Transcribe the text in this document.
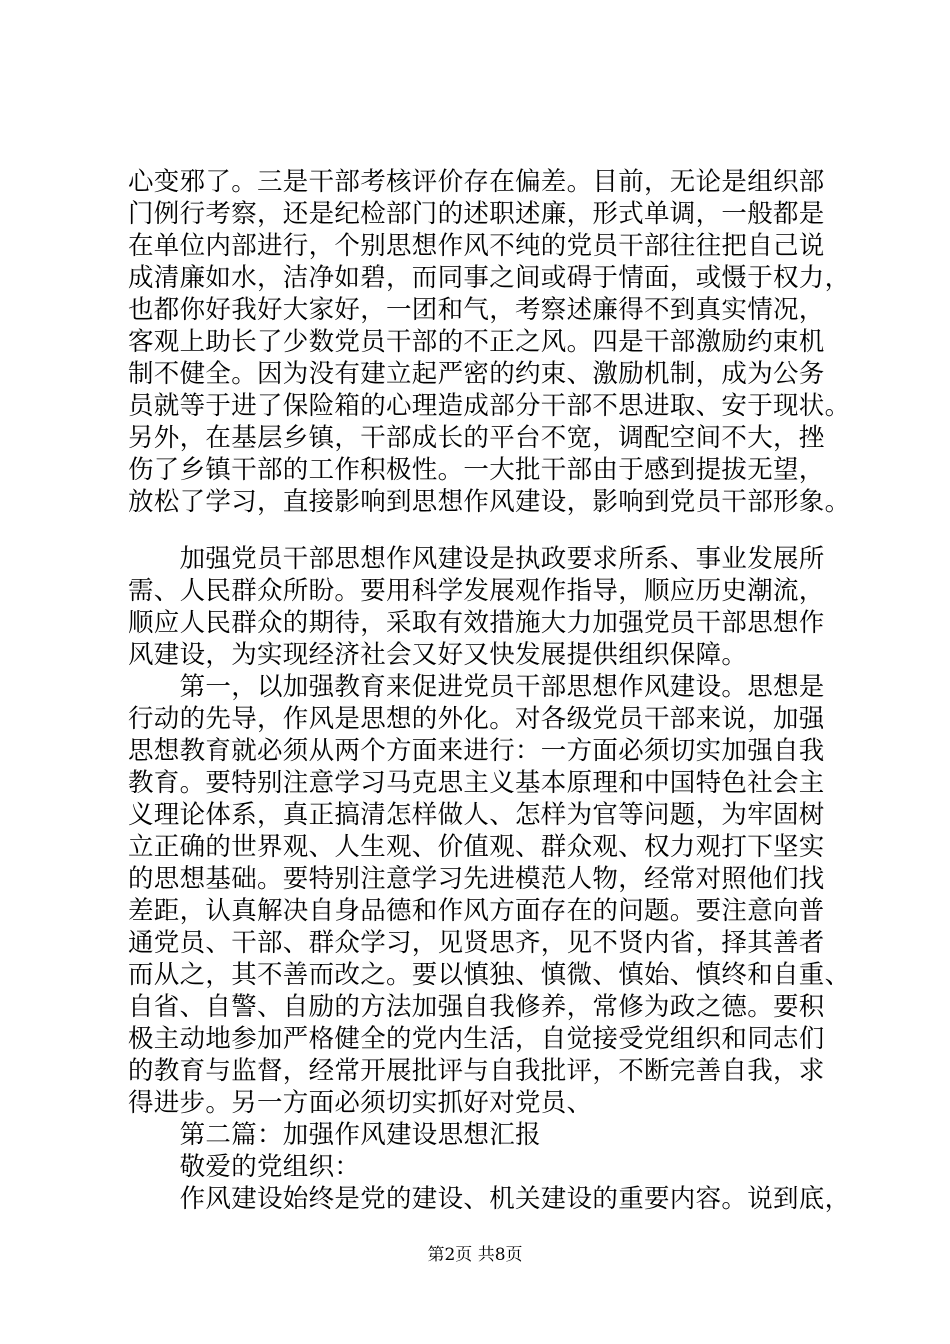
心变邪了。三是干部考核评价存在偏差。目前，无论是组织部
门例行考察，还是纪检部门的述职述廉，形式单调，一般都是
在单位内部进行，个别思想作风不纯的党员干部往往把自己说
成清廉如水，洁净如碧，而同事之间或碍于情面，或慑于权力，
也都你好我好大家好，一团和气，考察述廉得不到真实情况，
客观上助长了少数党员干部的不正之风。四是干部激励约束机
制不健全。因为没有建立起严密的约束、激励机制，成为公务
员就等于进了保险箱的心理造成部分干部不思进取、安于现状。
另外，在基层乡镇，干部成长的平台不宽，调配空间不大，挫
伤了乡镇干部的工作积极性。一大批干部由于感到提拔无望，
放松了学习，直接影响到思想作风建设，影响到党员干部形象。
　　加强党员干部思想作风建设是执政要求所系、事业发展所
需、人民群众所盼。要用科学发展观作指导，顺应历史潮流，
顺应人民群众的期待，采取有效措施大力加强党员干部思想作
风建设，为实现经济社会又好又快发展提供组织保障。
　　第一，以加强教育来促进党员干部思想作风建设。思想是
行动的先导，作风是思想的外化。对各级党员干部来说，加强
思想教育就必须从两个方面来进行：一方面必须切实加强自我
教育。要特别注意学习马克思主义基本原理和中国特色社会主
义理论体系，真正搞清怎样做人、怎样为官等问题，为牢固树
立正确的世界观、人生观、价值观、群众观、权力观打下坚实
的思想基础。要特别注意学习先进模范人物，经常对照他们找
差距，认真解决自身品德和作风方面存在的问题。要注意向普
通党员、干部、群众学习，见贤思齐，见不贤内省，择其善者
而从之，其不善而改之。要以慎独、慎微、慎始、慎终和自重、
自省、自警、自励的方法加强自我修养，常修为政之德。要积
极主动地参加严格健全的党内生活，自觉接受党组织和同志们
的教育与监督，经常开展批评与自我批评，不断完善自我，求
得进步。另一方面必须切实抓好对党员、
　　第二篇：加强作风建设思想汇报
　　敬爱的党组织：
　　作风建设始终是党的建设、机关建设的重要内容。说到底，
第2页 共8页
